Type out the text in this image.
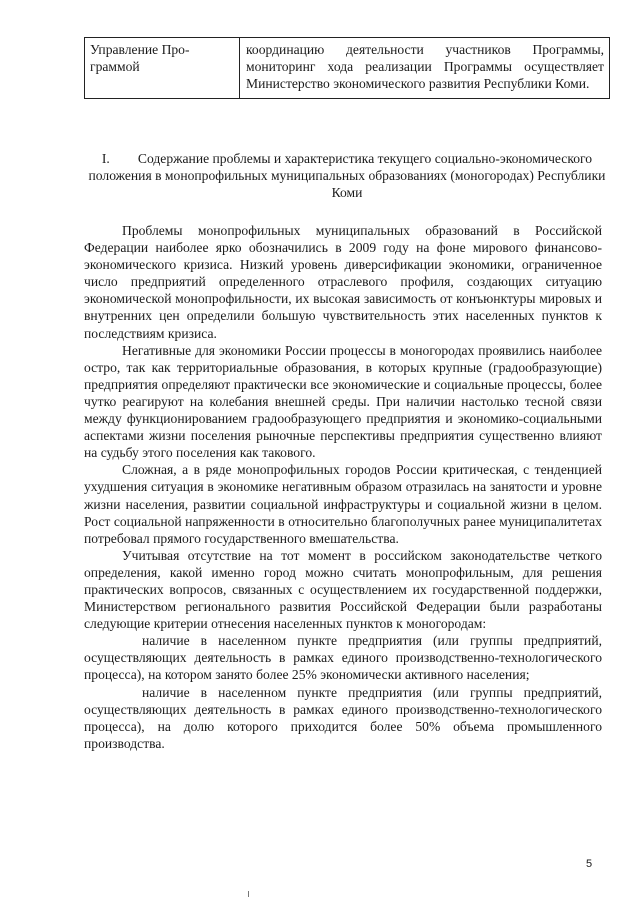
Управление Про-
граммой	координацию деятельности участников Программы, мониторинг хода реализации Программы осуществляет Министерство экономического развития Республики Коми.
I. Содержание проблемы и характеристика текущего социально-экономического положения в монопрофильных муниципальных образованиях (моногородах) Республики Коми

Проблемы монопрофильных муниципальных образований в Российской Федерации наиболее ярко обозначились в 2009 году на фоне мирового финансово-экономического кризиса. Низкий уровень диверсификации экономики, ограниченное число предприятий определенного отраслевого профиля, создающих ситуацию экономической монопрофильности, их высокая зависимость от конъюнктуры мировых и внутренних цен определили большую чувствительность этих населенных пунктов к последствиям кризиса.

Негативные для экономики России процессы в моногородах проявились наиболее остро, так как территориальные образования, в которых крупные (градообразующие) предприятия определяют практически все экономические и социальные процессы, более чутко реагируют на колебания внешней среды. При наличии настолько тесной связи между функционированием градообразующего предприятия и экономико-социальными аспектами жизни поселения рыночные перспективы предприятия существенно влияют на судьбу этого поселения как такового.

Сложная, а в ряде монопрофильных городов России критическая, с тенденцией ухудшения ситуация в экономике негативным образом отразилась на занятости и уровне жизни населения, развитии социальной инфраструктуры и социальной жизни в целом. Рост социальной напряженности в относительно благополучных ранее муниципалитетах потребовал прямого государственного вмешательства.

Учитывая отсутствие на тот момент в российском законодательстве четкого определения, какой именно город можно считать монопрофильным, для решения практических вопросов, связанных с осуществлением их государственной поддержки, Министерством регионального развития Российской Федерации были разработаны следующие критерии отнесения населенных пунктов к моногородам:

наличие в населенном пункте предприятия (или группы предприятий, осуществляющих деятельность в рамках единого производственно-технологического процесса), на котором занято более 25% экономически активного населения;

наличие в населенном пункте предприятия (или группы предприятий, осуществляющих деятельность в рамках единого производственно-технологического процесса), на долю которого приходится более 50% объема промышленного производства.

5
